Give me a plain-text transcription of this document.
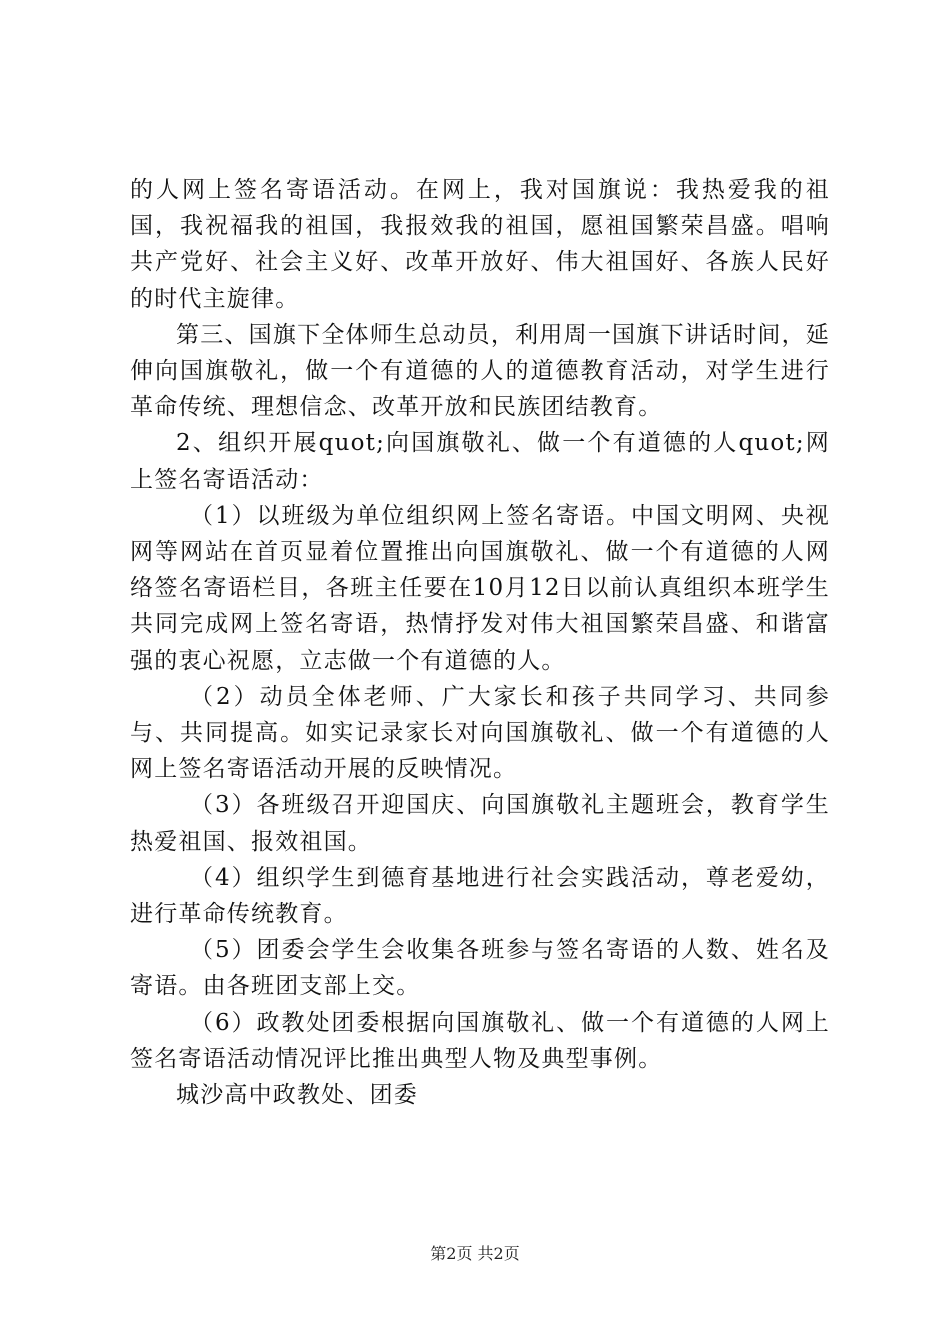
的人网上签名寄语活动。在网上，我对国旗说：我热爱我的祖国，我祝福我的祖国，我报效我的祖国，愿祖国繁荣昌盛。唱响共产党好、社会主义好、改革开放好、伟大祖国好、各族人民好的时代主旋律。

第三、国旗下全体师生总动员，利用周一国旗下讲话时间，延伸向国旗敬礼，做一个有道德的人的道德教育活动，对学生进行革命传统、理想信念、改革开放和民族团结教育。

2、组织开展quot;向国旗敬礼、做一个有道德的人quot;网上签名寄语活动：

（1）以班级为单位组织网上签名寄语。中国文明网、央视网等网站在首页显着位置推出向国旗敬礼、做一个有道德的人网络签名寄语栏目，各班主任要在10月12日以前认真组织本班学生共同完成网上签名寄语，热情抒发对伟大祖国繁荣昌盛、和谐富强的衷心祝愿，立志做一个有道德的人。

（2）动员全体老师、广大家长和孩子共同学习、共同参与、共同提高。如实记录家长对向国旗敬礼、做一个有道德的人网上签名寄语活动开展的反映情况。

（3）各班级召开迎国庆、向国旗敬礼主题班会，教育学生热爱祖国、报效祖国。

（4）组织学生到德育基地进行社会实践活动，尊老爱幼，进行革命传统教育。

（5）团委会学生会收集各班参与签名寄语的人数、姓名及寄语。由各班团支部上交。

（6）政教处团委根据向国旗敬礼、做一个有道德的人网上签名寄语活动情况评比推出典型人物及典型事例。

城沙高中政教处、团委

第2页 共2页
